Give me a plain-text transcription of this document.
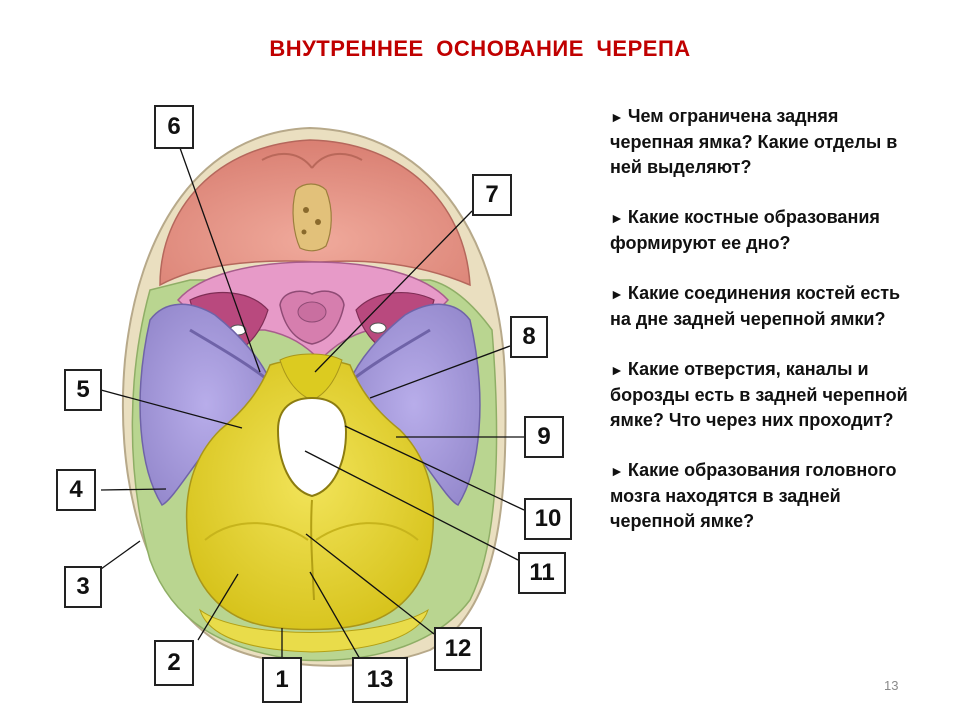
ВНУТРЕННЕЕ ОСНОВАНИЕ ЧЕРЕПА
1
2
3
4
5
6
7
8
9
10
11
12
13
► Чем ограничена задняя черепная ямка? Какие отделы в ней выделяют?
► Какие костные образования формируют ее дно?
► Какие соединения костей есть на дне задней черепной ямки?
► Какие отверстия, каналы и борозды есть в задней черепной ямке? Что через них проходит?
► Какие образования головного мозга находятся в задней черепной ямке?
13
